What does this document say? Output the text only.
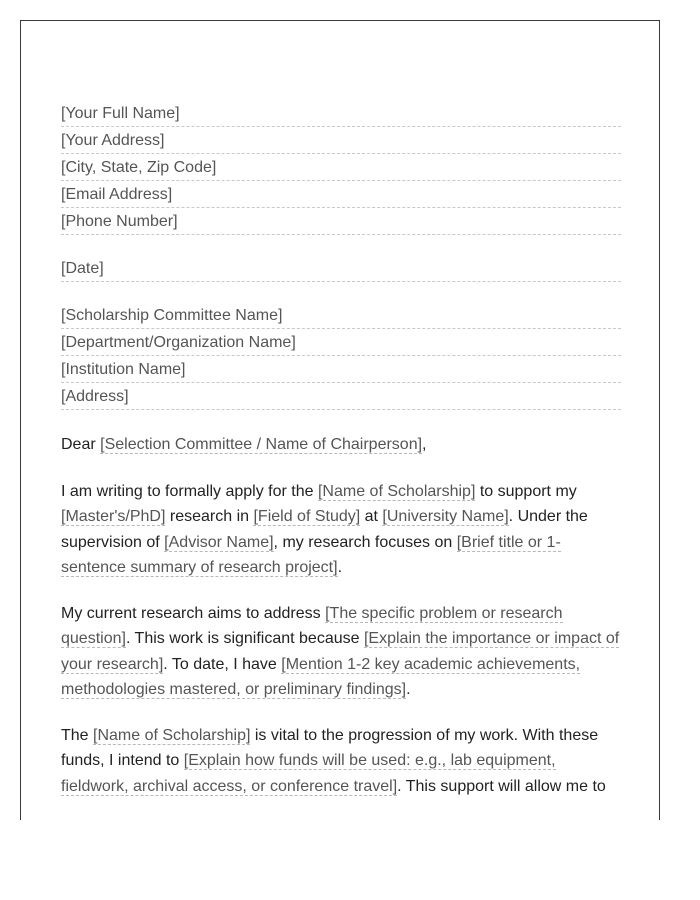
[Your Full Name]
[Your Address]
[City, State, Zip Code]
[Email Address]
[Phone Number]
[Date]
[Scholarship Committee Name]
[Department/Organization Name]
[Institution Name]
[Address]

Dear [Selection Committee / Name of Chairperson],

I am writing to formally apply for the [Name of Scholarship] to support my [Master's/PhD] research in [Field of Study] at [University Name]. Under the supervision of [Advisor Name], my research focuses on [Brief title or 1-sentence summary of research project].

My current research aims to address [The specific problem or research question]. This work is significant because [Explain the importance or impact of your research]. To date, I have [Mention 1-2 key academic achievements, methodologies mastered, or preliminary findings].

The [Name of Scholarship] is vital to the progression of my work. With these funds, I intend to [Explain how funds will be used: e.g., lab equipment, fieldwork, archival access, or conference travel]. This support will allow me to
